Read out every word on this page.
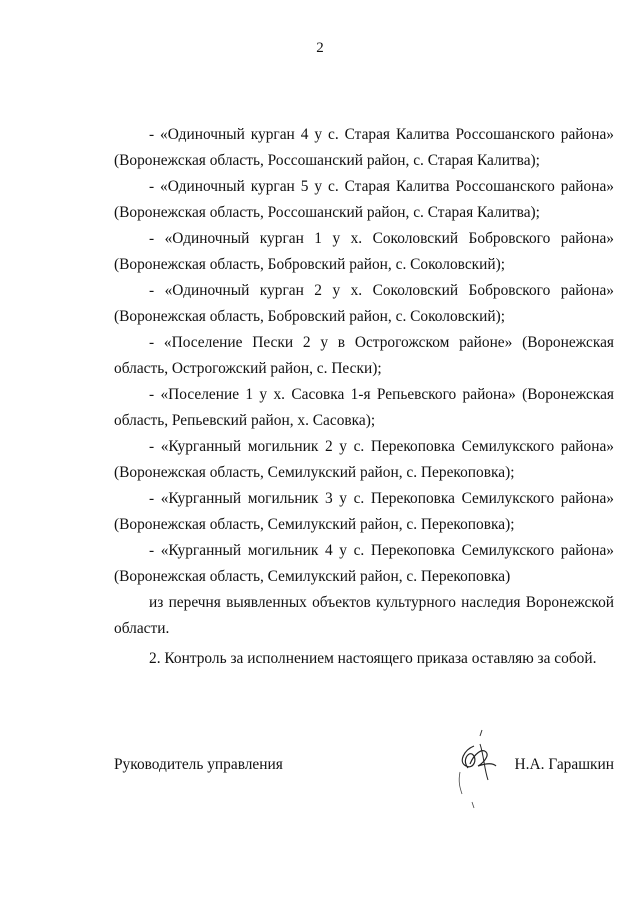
2

- «Одиночный курган 4 у с. Старая Калитва Россошанского района»
(Воронежская область, Россошанский район, с. Старая Калитва);

- «Одиночный курган 5 у с. Старая Калитва Россошанского района»
(Воронежская область, Россошанский район, с. Старая Калитва);

- «Одиночный курган 1 у х. Соколовский Бобровского района»
(Воронежская область, Бобровский район, с. Соколовский);

- «Одиночный курган 2 у х. Соколовский Бобровского района»
(Воронежская область, Бобровский район, с. Соколовский);

- «Поселение Пески 2 у в Острогожском районе» (Воронежская
область, Острогожский район, с. Пески);

- «Поселение 1 у х. Сасовка 1-я Репьевского района» (Воронежская
область, Репьевский район, х. Сасовка);

- «Курганный могильник 2 у с. Перекоповка Семилукского района»
(Воронежская область, Семилукский район, с. Перекоповка);

- «Курганный могильник 3 у с. Перекоповка Семилукского района»
(Воронежская область, Семилукский район, с. Перекоповка);

- «Курганный могильник 4 у с. Перекоповка Семилукского района»
(Воронежская область, Семилукский район, с. Перекоповка)

из перечня выявленных объектов культурного наследия Воронежской
области.

2. Контроль за исполнением настоящего приказа оставляю за собой.

Руководитель управления	Н.А. Гарашкин
